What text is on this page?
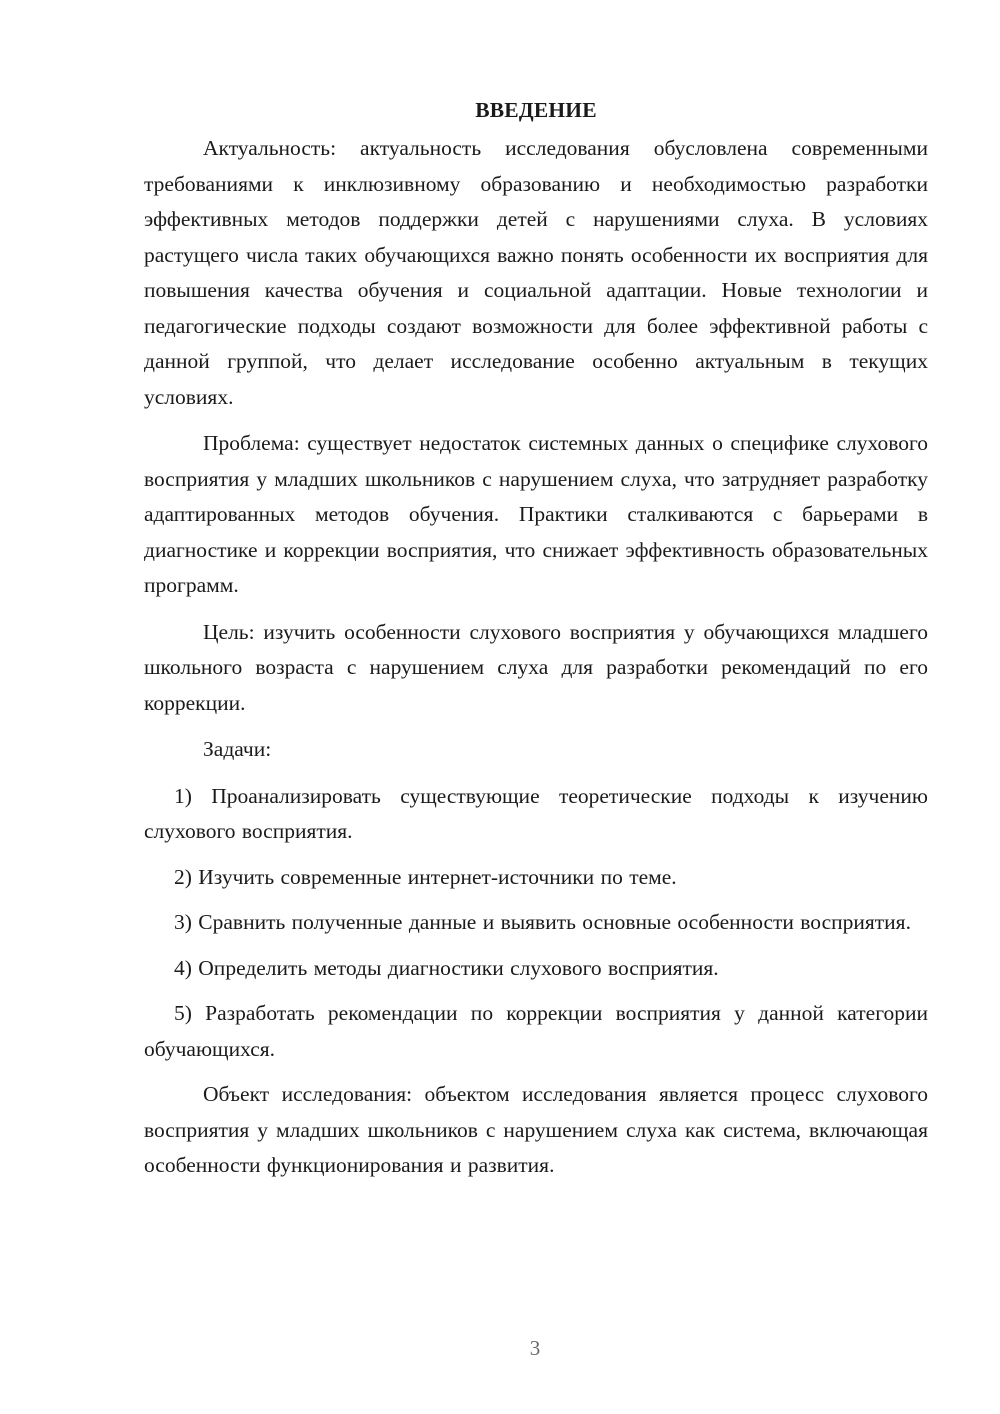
ВВЕДЕНИЕ

Актуальность: актуальность исследования обусловлена современными требованиями к инклюзивному образованию и необходимостью разработки эффективных методов поддержки детей с нарушениями слуха. В условиях растущего числа таких обучающихся важно понять особенности их восприятия для повышения качества обучения и социальной адаптации. Новые технологии и педагогические подходы создают возможности для более эффективной работы с данной группой, что делает исследование особенно актуальным в текущих условиях.

Проблема: существует недостаток системных данных о специфике слухового восприятия у младших школьников с нарушением слуха, что затрудняет разработку адаптированных методов обучения. Практики сталкиваются с барьерами в диагностике и коррекции восприятия, что снижает эффективность образовательных программ.

Цель: изучить особенности слухового восприятия у обучающихся младшего школьного возраста с нарушением слуха для разработки рекомендаций по его коррекции.

Задачи:

1) Проанализировать существующие теоретические подходы к изучению слухового восприятия.

2) Изучить современные интернет-источники по теме.

3) Сравнить полученные данные и выявить основные особенности восприятия.

4) Определить методы диагностики слухового восприятия.

5) Разработать рекомендации по коррекции восприятия у данной категории обучающихся.

Объект исследования: объектом исследования является процесс слухового восприятия у младших школьников с нарушением слуха как система, включающая особенности функционирования и развития.

3
